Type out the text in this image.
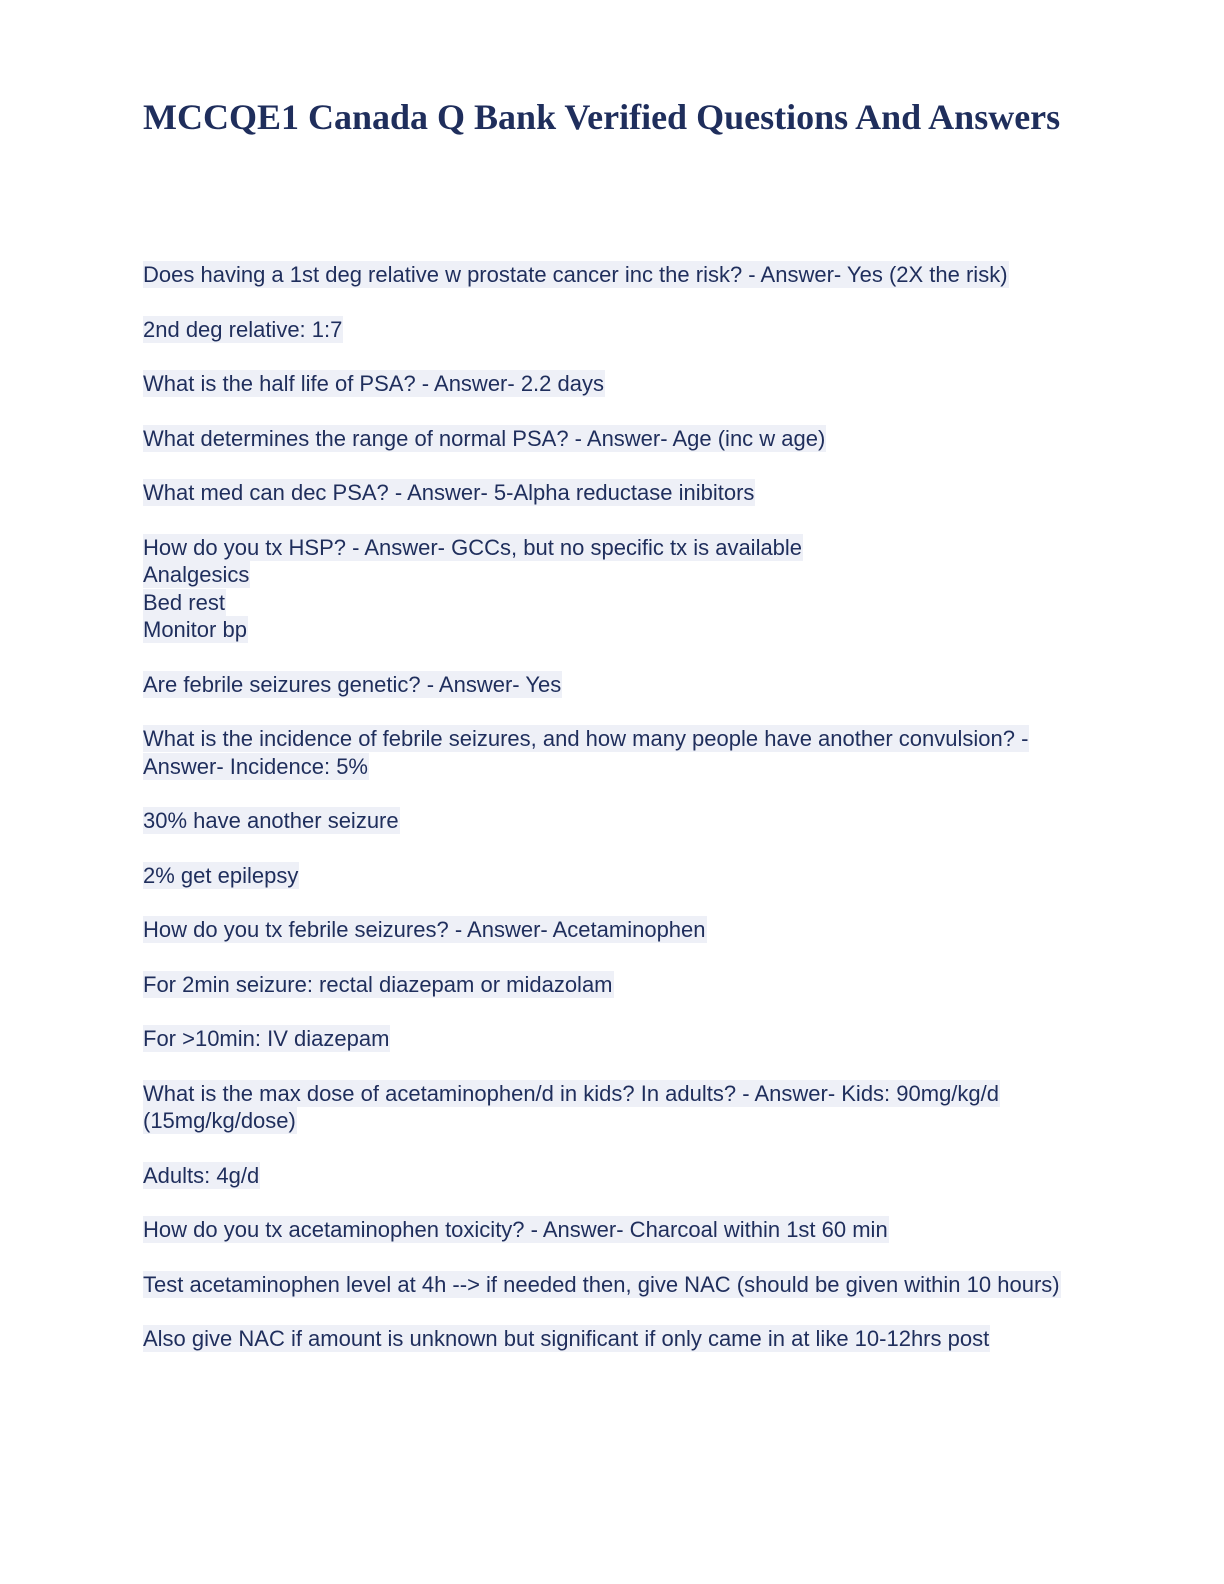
MCCQE1 Canada Q Bank Verified Questions And Answers

Does having a 1st deg relative w prostate cancer inc the risk? - Answer- Yes (2X the risk)

2nd deg relative: 1:7

What is the half life of PSA? - Answer- 2.2 days

What determines the range of normal PSA? - Answer- Age (inc w age)

What med can dec PSA? - Answer- 5-Alpha reductase inibitors

How do you tx HSP? - Answer- GCCs, but no specific tx is available
Analgesics
Bed rest
Monitor bp

Are febrile seizures genetic? - Answer- Yes

What is the incidence of febrile seizures, and how many people have another convulsion? - Answer- Incidence: 5%

30% have another seizure

2% get epilepsy

How do you tx febrile seizures? - Answer- Acetaminophen

For 2min seizure: rectal diazepam or midazolam

For >10min: IV diazepam

What is the max dose of acetaminophen/d in kids? In adults? - Answer- Kids: 90mg/kg/d (15mg/kg/dose)

Adults: 4g/d

How do you tx acetaminophen toxicity? - Answer- Charcoal within 1st 60 min

Test acetaminophen level at 4h --> if needed then, give NAC (should be given within 10 hours)

Also give NAC if amount is unknown but significant if only came in at like 10-12hrs post
